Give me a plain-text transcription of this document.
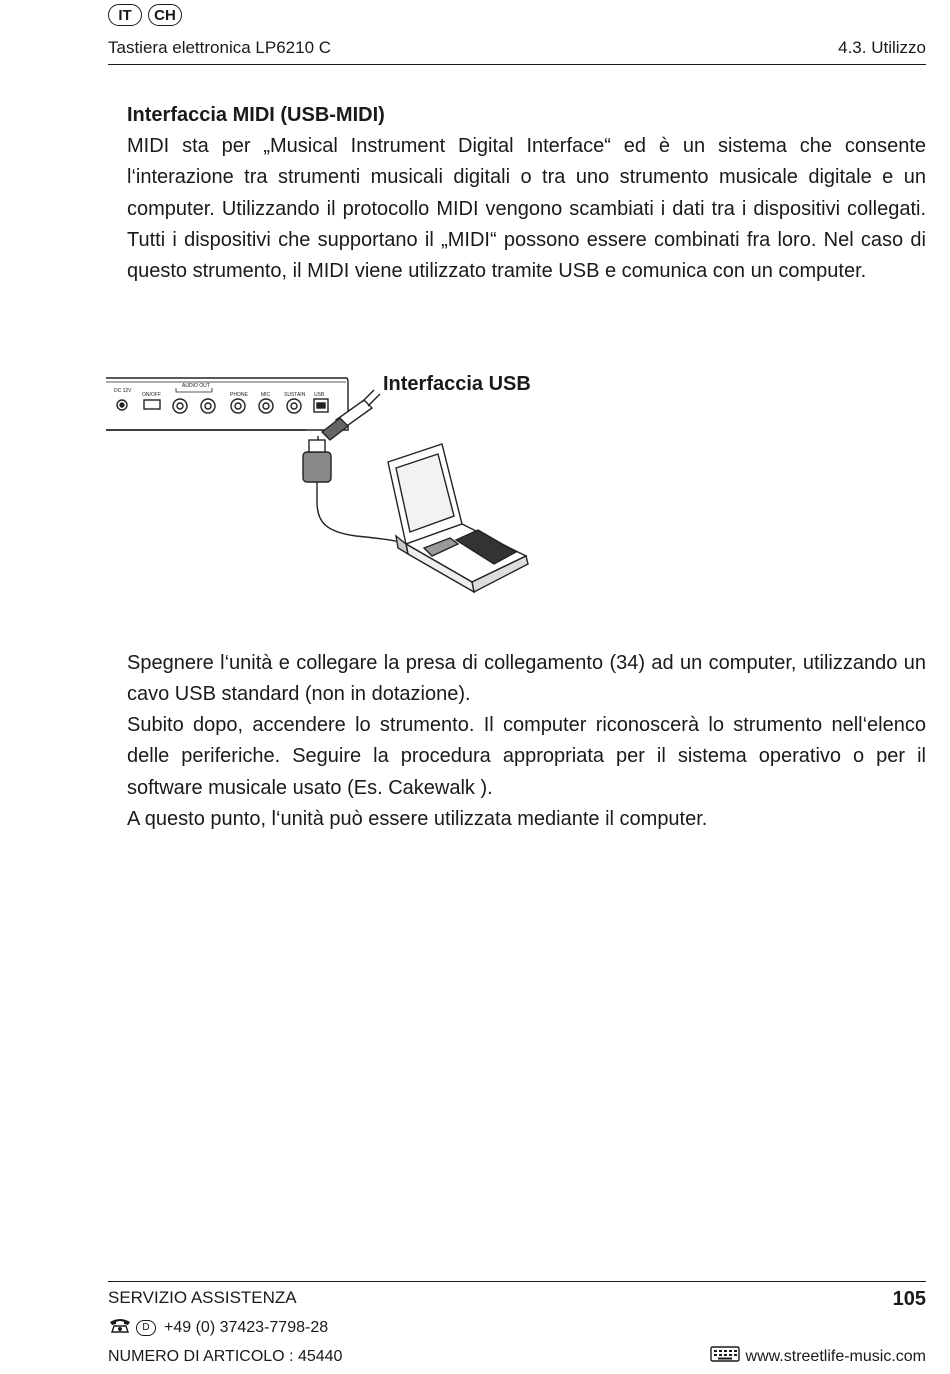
IT	CH
Tastiera elettronica LP6210 C	4.3. Utilizzo
Interfaccia MIDI (USB-MIDI)

MIDI sta per „Musical Instrument Digital Interface“ ed è un sistema che consente l‘interazione tra strumenti musicali digitali o tra uno strumento musicale digitale e un computer. Utilizzando il protocollo MIDI vengono scambiati i dati tra i dispositivi collegati. Tutti i dispositivi che supportano il „MIDI“ possono essere combinati fra loro. Nel caso di questo strumento, il MIDI viene utilizzato tramite USB e comunica con un computer.

DC 12V
ON/OFF
AUDIO OUT
PHONE	MIC	SUSTAIN USB	Interfaccia USB

Spegnere l‘unità e collegare la presa di collegamento (34) ad un computer, utilizzando un cavo USB standard (non in dotazione).

Subito dopo, accendere lo strumento. Il computer riconoscerà lo strumento nell‘elenco delle periferiche. Seguire la procedura appropriata per il sistema operativo o per il software musicale usato (Es. Cakewalk ).

A questo punto, l‘unità può essere utilizzata mediante il computer.

SERVIZIO ASSISTENZA	105
D +49 (0) 37423-7798-28
NUMERO DI ARTICOLO : 45440	www.streetlife-music.com
